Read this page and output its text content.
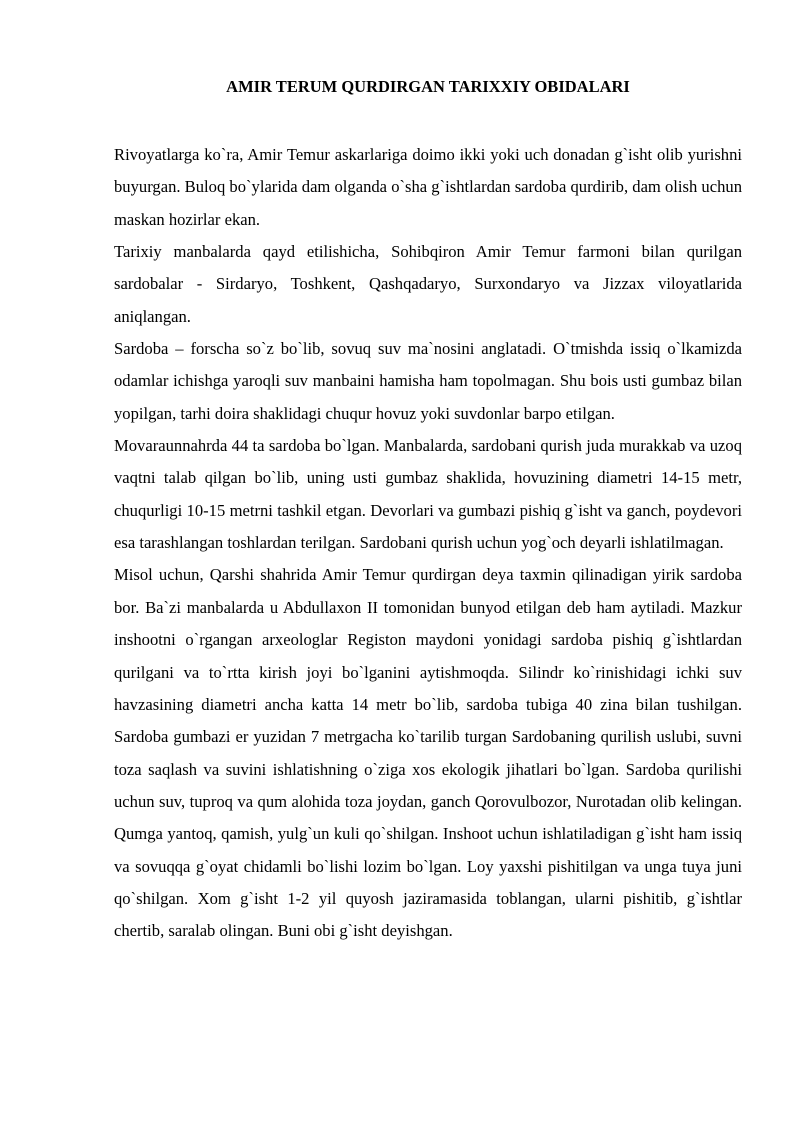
AMIR TERUM QURDIRGAN TARIXXIY OBIDALARI

Rivoyatlarga ko`ra, Amir Temur askarlariga doimo ikki yoki uch donadan g`isht olib yurishni buyurgan. Buloq bo`ylarida dam olganda o`sha g`ishtlardan sardoba qurdirib, dam olish uchun maskan hozirlar ekan.

Tarixiy manbalarda qayd etilishicha, Sohibqiron Amir Temur farmoni bilan qurilgan sardobalar - Sirdaryo, Toshkent, Qashqadaryo, Surxondaryo va Jizzax viloyatlarida aniqlangan.

Sardoba – forscha so`z bo`lib, sovuq suv ma`nosini anglatadi. O`tmishda issiq o`lkamizda odamlar ichishga yaroqli suv manbaini hamisha ham topolmagan. Shu bois usti gumbaz bilan yopilgan, tarhi doira shaklidagi chuqur hovuz yoki suvdonlar barpo etilgan.

Movaraunnahrda 44 ta sardoba bo`lgan. Manbalarda, sardobani qurish juda murakkab va uzoq vaqtni talab qilgan bo`lib, uning usti gumbaz shaklida, hovuzining diametri 14-15 metr, chuqurligi 10-15 metrni tashkil etgan. Devorlari va gumbazi pishiq g`isht va ganch, poydevori esa tarashlangan toshlardan terilgan. Sardobani qurish uchun yog`och deyarli ishlatilmagan.

Misol uchun, Qarshi shahrida Amir Temur qurdirgan deya taxmin qilinadigan yirik sardoba bor. Ba`zi manbalarda u Abdullaxon II tomonidan bunyod etilgan deb ham aytiladi. Mazkur inshootni o`rgangan arxeologlar Registon maydoni yonidagi sardoba pishiq g`ishtlardan qurilgani va to`rtta kirish joyi bo`lganini aytishmoqda. Silindr ko`rinishidagi ichki suv havzasining diametri ancha katta 14 metr bo`lib, sardoba tubiga 40 zina bilan tushilgan. Sardoba gumbazi er yuzidan 7 metrgacha ko`tarilib turgan Sardobaning qurilish uslubi, suvni toza saqlash va suvini ishlatishning o`ziga xos ekologik jihatlari bo`lgan. Sardoba qurilishi uchun suv, tuproq va qum alohida toza joydan, ganch Qorovulbozor, Nurotadan olib kelingan. Qumga yantoq, qamish, yulg`un kuli qo`shilgan. Inshoot uchun ishlatiladigan g`isht ham issiq va sovuqqa g`oyat chidamli bo`lishi lozim bo`lgan. Loy yaxshi pishitilgan va unga tuya juni qo`shilgan. Xom g`isht 1-2 yil quyosh jaziramasida toblangan, ularni pishitib, g`ishtlar chertib, saralab olingan. Buni obi g`isht deyishgan.
